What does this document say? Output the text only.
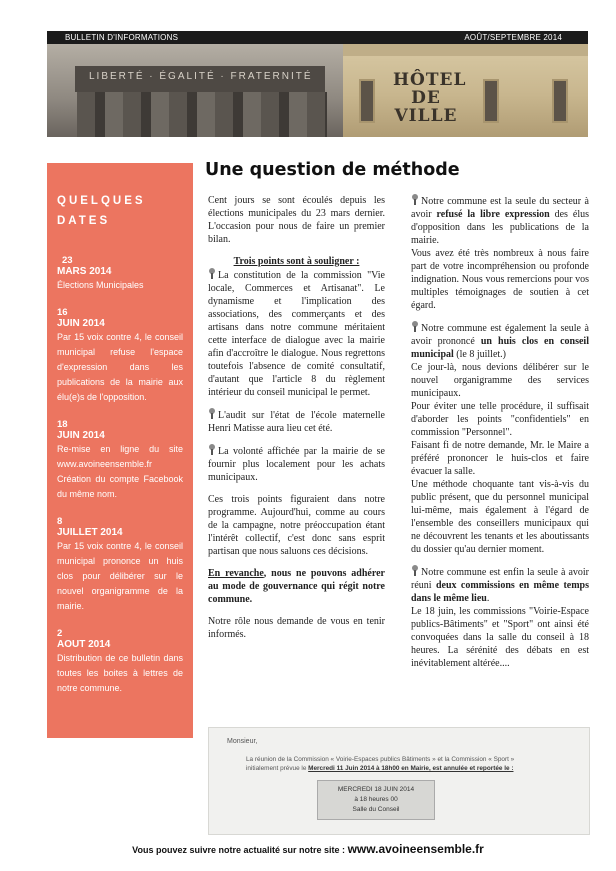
BULLETIN D'INFORMATIONS	AOÛT/SEPTEMBRE 2014
LIBERTÉ · ÉGALITÉ · FRATERNITÉ	HÔTEL
DE
VILLE
QUELQUES
DATES
23
MARS 2014
Élections Municipales
16
JUIN 2014
Par 15 voix contre 4, le conseil municipal refuse l'espace d'expression dans les publications de la mairie aux élu(e)s de l'opposition.
18
JUIN 2014
Re-mise en ligne du site www.avoineensemble.fr Création du compte Facebook du même nom.
8
JUILLET 2014
Par 15 voix contre 4, le conseil municipal prononce un huis clos pour délibérer sur le nouvel organigramme de la mairie.
2
AOUT 2014
Distribution de ce bulletin dans toutes les boites à lettres de notre commune.
Une question de méthode

Cent jours se sont écoulés depuis les élections municipales du 23 mars dernier. L'occasion pour nous de faire un premier bilan.

Trois points sont à souligner :

La constitution de la commission "Vie locale, Commerces et Artisanat". Le dynamisme et l'implication des associations, des commerçants et des artisans dans notre commune méritaient cette interface de dialogue avec la mairie afin d'accroître le dialogue. Nous regrettons toutefois l'absence de comité consultatif, d'autant que l'article 8 du règlement intérieur du conseil municipal le permet.

L'audit sur l'état de l'école maternelle Henri Matisse aura lieu cet été.

La volonté affichée par la mairie de se fournir plus localement pour les achats municipaux.

Ces trois points figuraient dans notre programme. Aujourd'hui, comme au cours de la campagne, notre préoccupation étant l'intérêt collectif, c'est donc sans esprit partisan que nous saluons ces décisions.

En revanche, nous ne pouvons adhérer au mode de gouvernance qui régit notre commune.

Notre rôle nous demande de vous en tenir informés.

Notre commune est la seule du secteur à avoir refusé la libre expression des élus d'opposition dans les publications de la mairie.

Vous avez été très nombreux à nous faire part de votre incompréhension ou profonde indignation. Nous vous remercions pour vos multiples témoignages de soutien à cet égard.

Notre commune est également la seule à avoir prononcé un huis clos en conseil municipal (le 8 juillet.)

Ce jour-là, nous devions délibérer sur le nouvel organigramme des services municipaux.

Pour éviter une telle procédure, il suffisait d'aborder les points "confidentiels" en commission "Personnel".

Faisant fi de notre demande, Mr. le Maire a préféré prononcer le huis-clos et faire évacuer la salle.

Une méthode choquante tant vis-à-vis du public présent, que du personnel municipal lui-même, mais également à l'égard de l'ensemble des conseillers municipaux qui ne découvrent les tenants et les aboutissants du dossier qu'au dernier moment.

Notre commune est enfin la seule à avoir réuni deux commissions en même temps dans le même lieu.

Le 18 juin, les commissions "Voirie-Espace publics-Bâtiments" et "Sport" ont ainsi été convoquées dans la salle du conseil à 18 heures. La sérénité des débats en est inévitablement altérée....

Monsieur,
La réunion de la Commission « Voirie-Espaces publics Bâtiments » et la Commission « Sport »
initialement prévue le Mercredi 11 Juin 2014 à 18h00 en Mairie, est annulée et reportée le :
MERCREDI 18 JUIN 2014
à 18 heures 00
Salle du Conseil
Vous pouvez suivre notre actualité sur notre site : www.avoineensemble.fr
